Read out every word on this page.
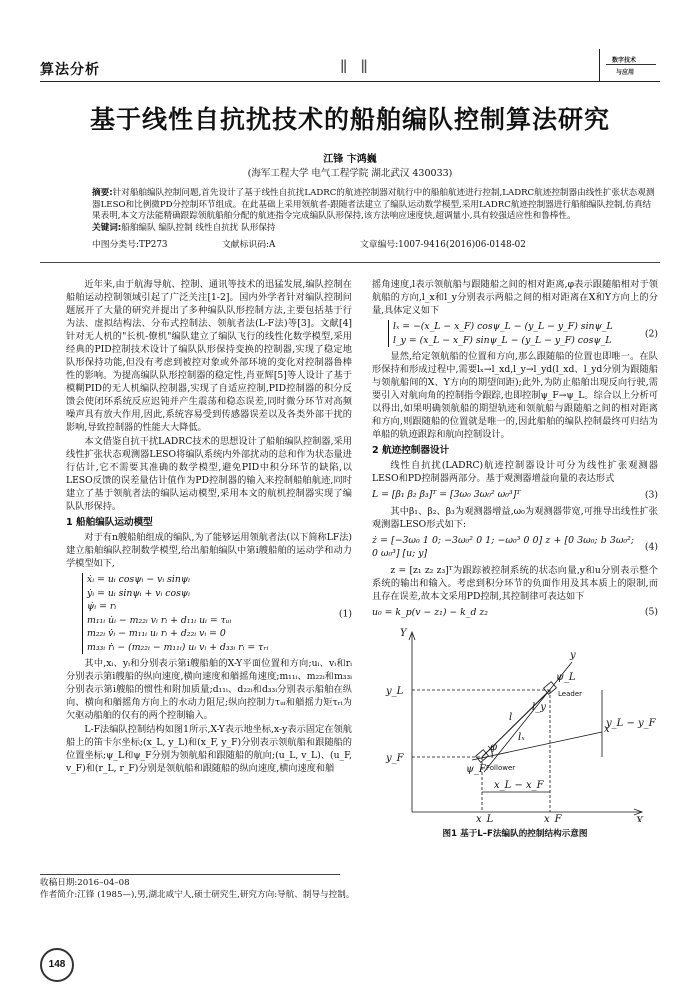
算法分析	‖ ‖	数字技术
与应用
基于线性自抗扰技术的船舶编队控制算法研究
江锋 卞鸿巍
(海军工程大学 电气工程学院 湖北武汉 430033)
摘要:针对船舶编队控制问题,首先设计了基于线性自抗扰LADRC的航迹控制器对航行中的船舶航迹进行控制,LADRC航迹控制器由线性扩张状态观测器LESO和比例微PD分控制环节组成。在此基础上采用领航者-跟随者法建立了编队运动数学模型,采用LADRC航迹控制器进行船舶编队控制,仿真结果表明,本文方法能精确跟踪领航船舶分配的航迹指令完成编队队形保持,该方法响应速度快,超调量小,具有较强适应性和鲁棒性。
关键词:船舶编队 编队控制 线性自抗扰 队形保持
中图分类号:TP273	文献标识码:A	文章编号:1007-9416(2016)06-0148-02

近年来,由于航海导航、控制、通讯等技术的迅猛发展,编队控制在船舶运动控制领域引起了广泛关注[1-2]。国内外学者针对编队控制问题展开了大量的研究并提出了多种编队队形控制方法,主要包括基于行为法、虚拟结构法、分布式控制法、领航者法(L-F法)等[3]。文献[4]针对无人机的"长机-僚机"编队建立了编队飞行的线性化数学模型,采用经典的PID控制技术设计了编队队形保持变换的控制器,实现了稳定地队形保持功能,但没有考虑到被控对象或外部环境的变化对控制器鲁棒性的影响。为提高编队队形控制器的稳定性,肖亚辉[5]等人设计了基于模糊PID的无人机编队控制器,实现了自适应控制,PID控制器的积分反馈会使闭环系统反应迟钝并产生震荡和稳态误差,同时微分环节对高频噪声具有放大作用,因此,系统容易受到传感器误差以及各类外部干扰的影响,导致控制器的性能大大降低。

本文借鉴自抗干扰LADRC技术的思想设计了船舶编队控制器,采用线性扩张状态观测器LESO将编队系统内外部扰动的总和作为状态量进行估计,它不需要其准确的数学模型,避免PID中积分环节的缺陷,以LESO反馈的误差量估计值作为PD控制器的输入来控制船舶航迹,同时建立了基于领航者法的编队运动模型,采用本文的航机控制器实现了编队队形保持。

1 船舶编队运动模型

对于有n艘船舶组成的编队,为了能够运用领航者法(以下简称LF法)建立船舶编队控制数学模型,给出船舶编队中第i艘船舶的运动学和动力学模型如下,

ẋᵢ = uᵢ cosψᵢ − vᵢ sinψᵢ
ẏᵢ = uᵢ sinψᵢ + vᵢ cosψᵢ
ψ̇ᵢ = rᵢ
m₁₁ᵢ u̇ᵢ − m₂₂ᵢ vᵢ rᵢ + d₁₁ᵢ uᵢ = τᵤᵢ
m₂₂ᵢ v̇ᵢ − m₁₁ᵢ uᵢ rᵢ + d₂₂ᵢ vᵢ = 0
m₃₃ᵢ ṙᵢ − (m₂₂ᵢ − m₁₁ᵢ) uᵢ vᵢ + d₃₃ᵢ rᵢ = τᵣᵢ
(1)

其中,xᵢ、yᵢ和分别表示第i艘船舶的X-Y平面位置和方向;uᵢ、vᵢ和rᵢ分别表示第i艘船的纵向速度,横向速度和艏摇角速度;m₁₁ᵢ、m₂₂ᵢ和m₃₃ᵢ分别表示第i艘船的惯性和附加质量;d₁₁ᵢ、d₂₂ᵢ和d₃₃ᵢ分别表示船舶在纵向、横向和艏摇角方向上的水动力阻尼;纵向控制力τᵤᵢ和艏摇力矩τᵣᵢ为欠驱动船舶的仅有的两个控制输入。

L-F法编队控制结构如图1所示,X-Y表示地坐标,x-y表示固定在领航船上的笛卡尔坐标;(x_L, y_L)和(x_F, y_F)分别表示领航船和跟随船的位置坐标;ψ_L和ψ_F分别为领航船和跟随船的航向;(u_L, v_L)、(u_F, v_F)和(r_L, r_F)分别是领航船和跟随船的纵向速度,横向速度和艏

摇角速度,l表示领航船与跟随船之间的相对距离,φ表示跟随船相对于领航船的方向,l_x和l_y分别表示两船之间的相对距离在X和Y方向上的分量,具体定义如下

lₓ = −(x_L − x_F) cosψ_L − (y_L − y_F) sinψ_L
l_y = (x_L − x_F) sinψ_L − (y_L − y_F) cosψ_L
(2)

显然,给定领航船的位置和方向,那么跟随船的位置也即唯一。在队形保持和形成过程中,需要lₓ→l_xd,l_y→l_yd(l_xd、l_yd分别为跟随船与领航船间的X、Y方向的期望间距);此外,为防止船舶出现反向行驶,需要引入对航向角的控制指令跟踪,也即控制ψ_F→ψ_L。综合以上分析可以得出,如果明确领航船的期望轨迹和领航船与跟随船之间的相对距离和方向,则跟随船的位置就是唯一的,因此船舶的编队控制最终可归结为单船的轨迹跟踪和航向控制设计。

2 航迹控制器设计

线性自抗扰(LADRC)航迹控制器设计可分为线性扩张观测器LESO和PD控制器两部分。基于观测器增益向量的表达形式

L = [β₁ β₂ β₃]ᵀ = [3ω₀ 3ω₀² ω₀³]ᵀ	(3)

其中β₁、β₂、β₃为观测器增益,ω₀为观测器带宽,可推导出线性扩张观测器LESO形式如下:

ż = [−3ω₀ 1 0; −3ω₀² 0 1; −ω₀³ 0 0] z + [0 3ω₀; b 3ω₀²; 0 ω₀³] [u; y]
(4)

z = [z₁ z₂ z₃]ᵀ为跟踪被控制系统的状态向量,y和u分别表示整个系统的输出和输入。考虑到积分环节的负面作用及其本质上的限制,而且存在误差,故本文采用PD控制,其控制律可表达如下

u₀ = k_p(v − z₁) − k_d z₂	(5)
Y
X
y
x
y_L
y_F
x_L	x_F
y_L − y_F
x_L − x_F
l
lₓ
l_y
φ
ψ_L
ψ_F
Leader
Follower
图1 基于L–F法编队的控制结构示意图
收稿日期:2016–04–08
作者简介:江锋 (1985—),男,湖北咸宁人,硕士研究生,研究方向:导航、制导与控制。
148
